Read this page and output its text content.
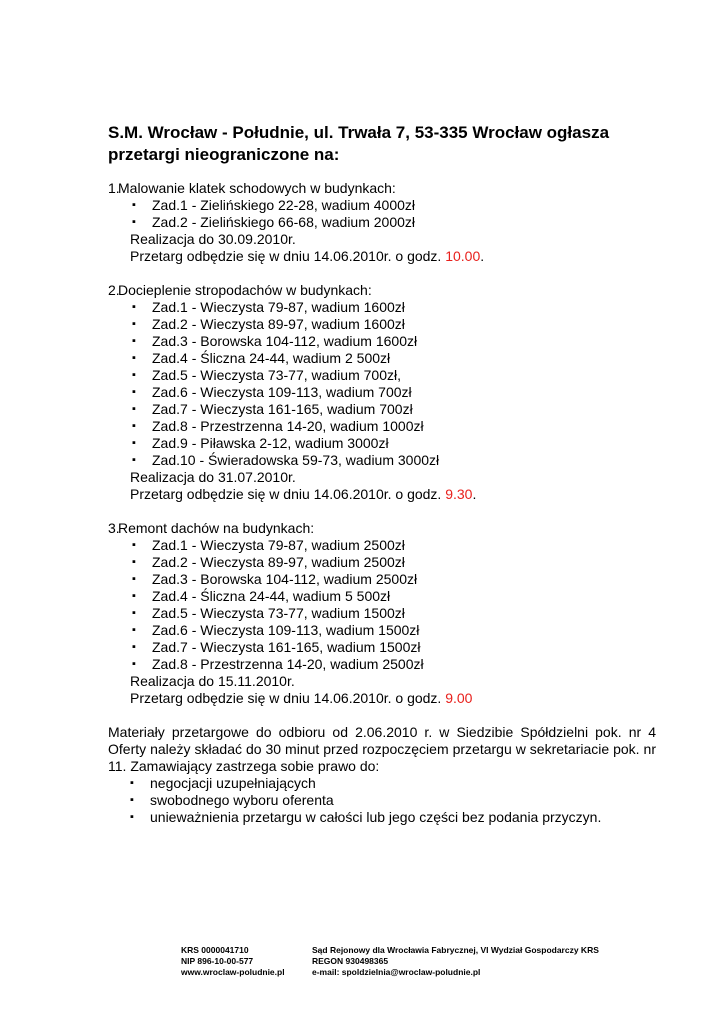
S.M. Wrocław - Południe, ul. Trwała 7, 53-335 Wrocław ogłasza przetargi nieograniczone na:
1.
Malowanie klatek schodowych w budynkach:
▪ Zad.1 - Zielińskiego 22-28, wadium 4000zł
▪ Zad.2 - Zielińskiego 66-68, wadium 2000zł
Realizacja do 30.09.2010r.
Przetarg odbędzie się w dniu 14.06.2010r. o godz. 10.00.
2.
Docieplenie stropodachów w budynkach:
▪ Zad.1 - Wieczysta 79-87, wadium 1600zł
▪ Zad.2 - Wieczysta 89-97, wadium 1600zł
▪ Zad.3 - Borowska 104-112, wadium 1600zł
▪ Zad.4 - Śliczna 24-44, wadium 2 500zł
▪ Zad.5 - Wieczysta 73-77, wadium 700zł,
▪ Zad.6 - Wieczysta 109-113, wadium 700zł
▪ Zad.7 - Wieczysta 161-165, wadium 700zł
▪ Zad.8 - Przestrzenna 14-20, wadium 1000zł
▪ Zad.9 - Piławska 2-12, wadium 3000zł
▪ Zad.10 - Świeradowska 59-73, wadium 3000zł
Realizacja do 31.07.2010r.
Przetarg odbędzie się w dniu 14.06.2010r. o godz. 9.30.
3.
Remont dachów na budynkach:
▪ Zad.1 - Wieczysta 79-87, wadium 2500zł
▪ Zad.2 - Wieczysta 89-97, wadium 2500zł
▪ Zad.3 - Borowska 104-112, wadium 2500zł
▪ Zad.4 - Śliczna 24-44, wadium 5 500zł
▪ Zad.5 - Wieczysta 73-77, wadium 1500zł
▪ Zad.6 - Wieczysta 109-113, wadium 1500zł
▪ Zad.7 - Wieczysta 161-165, wadium 1500zł
▪ Zad.8 - Przestrzenna 14-20, wadium 2500zł
Realizacja do 15.11.2010r.
Przetarg odbędzie się w dniu 14.06.2010r. o godz. 9.00

Materiały przetargowe do odbioru od 2.06.2010 r. w Siedzibie Spółdzielni pok. nr 4 Oferty należy składać do 30 minut przed rozpoczęciem przetargu w sekretariacie pok. nr 11. Zamawiający zastrzega sobie prawo do:

▪ negocjacji uzupełniających
▪ swobodnego wyboru oferenta
▪ unieważnienia przetargu w całości lub jego części bez podania przyczyn.
KRS 0000041710	Sąd Rejonowy dla Wrocławia Fabrycznej, VI Wydział Gospodarczy KRS
NIP 896-10-00-577	REGON 930498365
www.wroclaw-poludnie.pl	e-mail: spoldzielnia@wroclaw-poludnie.pl
